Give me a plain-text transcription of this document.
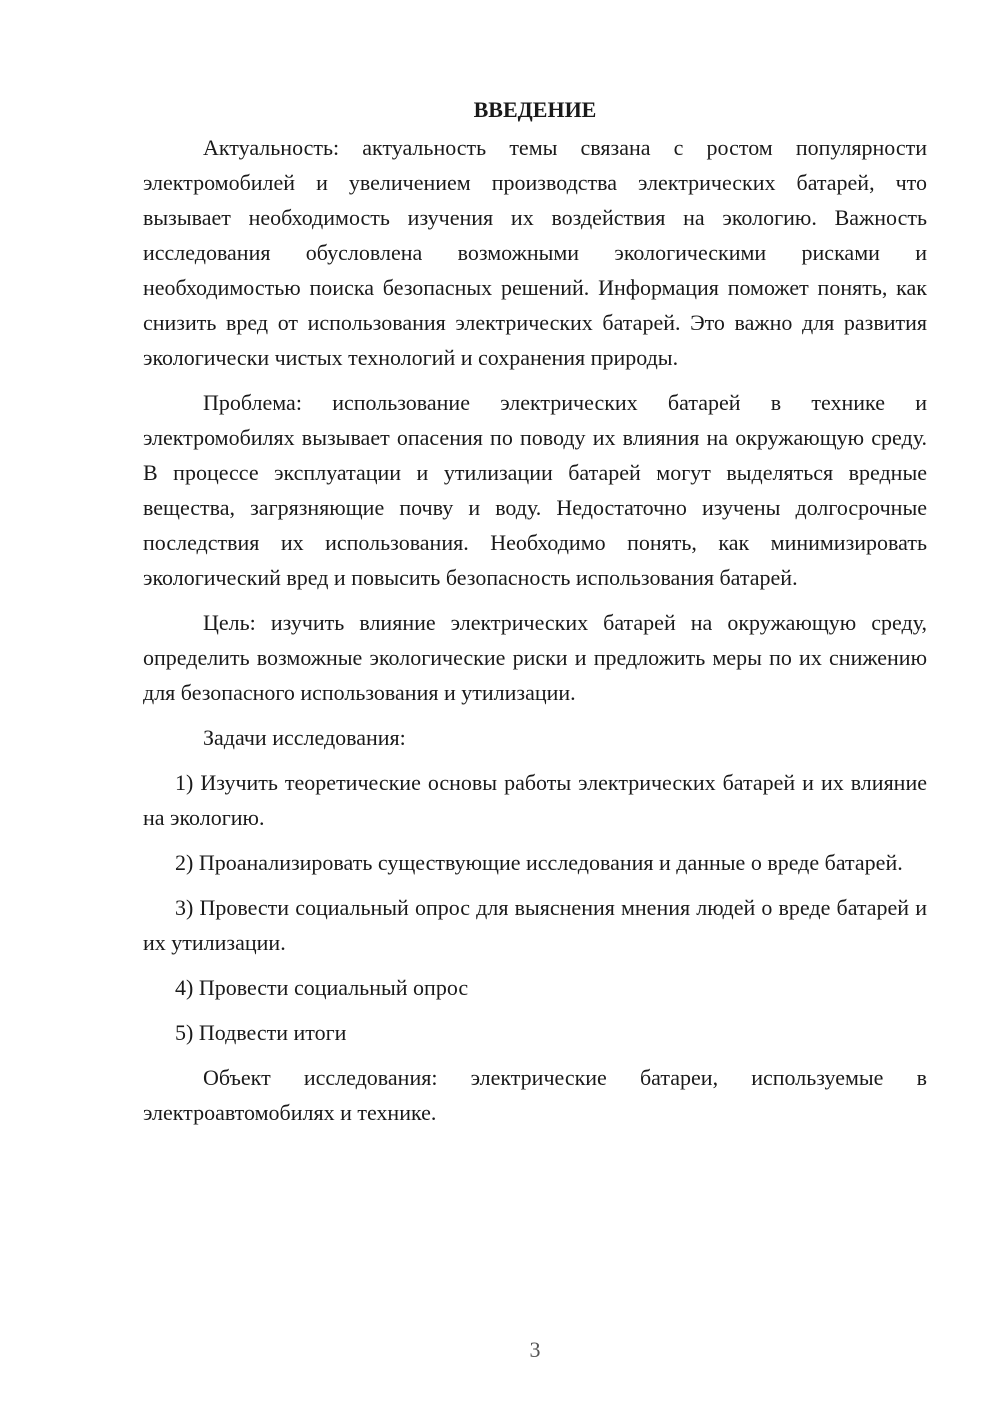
ВВЕДЕНИЕ

Актуальность: актуальность темы связана с ростом популярности электромобилей и увеличением производства электрических батарей, что вызывает необходимость изучения их воздействия на экологию. Важность исследования обусловлена возможными экологическими рисками и необходимостью поиска безопасных решений. Информация поможет понять, как снизить вред от использования электрических батарей. Это важно для развития экологически чистых технологий и сохранения природы.

Проблема: использование электрических батарей в технике и электромобилях вызывает опасения по поводу их влияния на окружающую среду. В процессе эксплуатации и утилизации батарей могут выделяться вредные вещества, загрязняющие почву и воду. Недостаточно изучены долгосрочные последствия их использования. Необходимо понять, как минимизировать экологический вред и повысить безопасность использования батарей.

Цель: изучить влияние электрических батарей на окружающую среду, определить возможные экологические риски и предложить меры по их снижению для безопасного использования и утилизации.

Задачи исследования:

1) Изучить теоретические основы работы электрических батарей и их влияние на экологию.

2) Проанализировать существующие исследования и данные о вреде батарей.

3) Провести социальный опрос для выяснения мнения людей о вреде батарей и их утилизации.

4) Провести социальный опрос

5) Подвести итоги

Объект исследования: электрические батареи, используемые в электроавтомобилях и технике.

3
